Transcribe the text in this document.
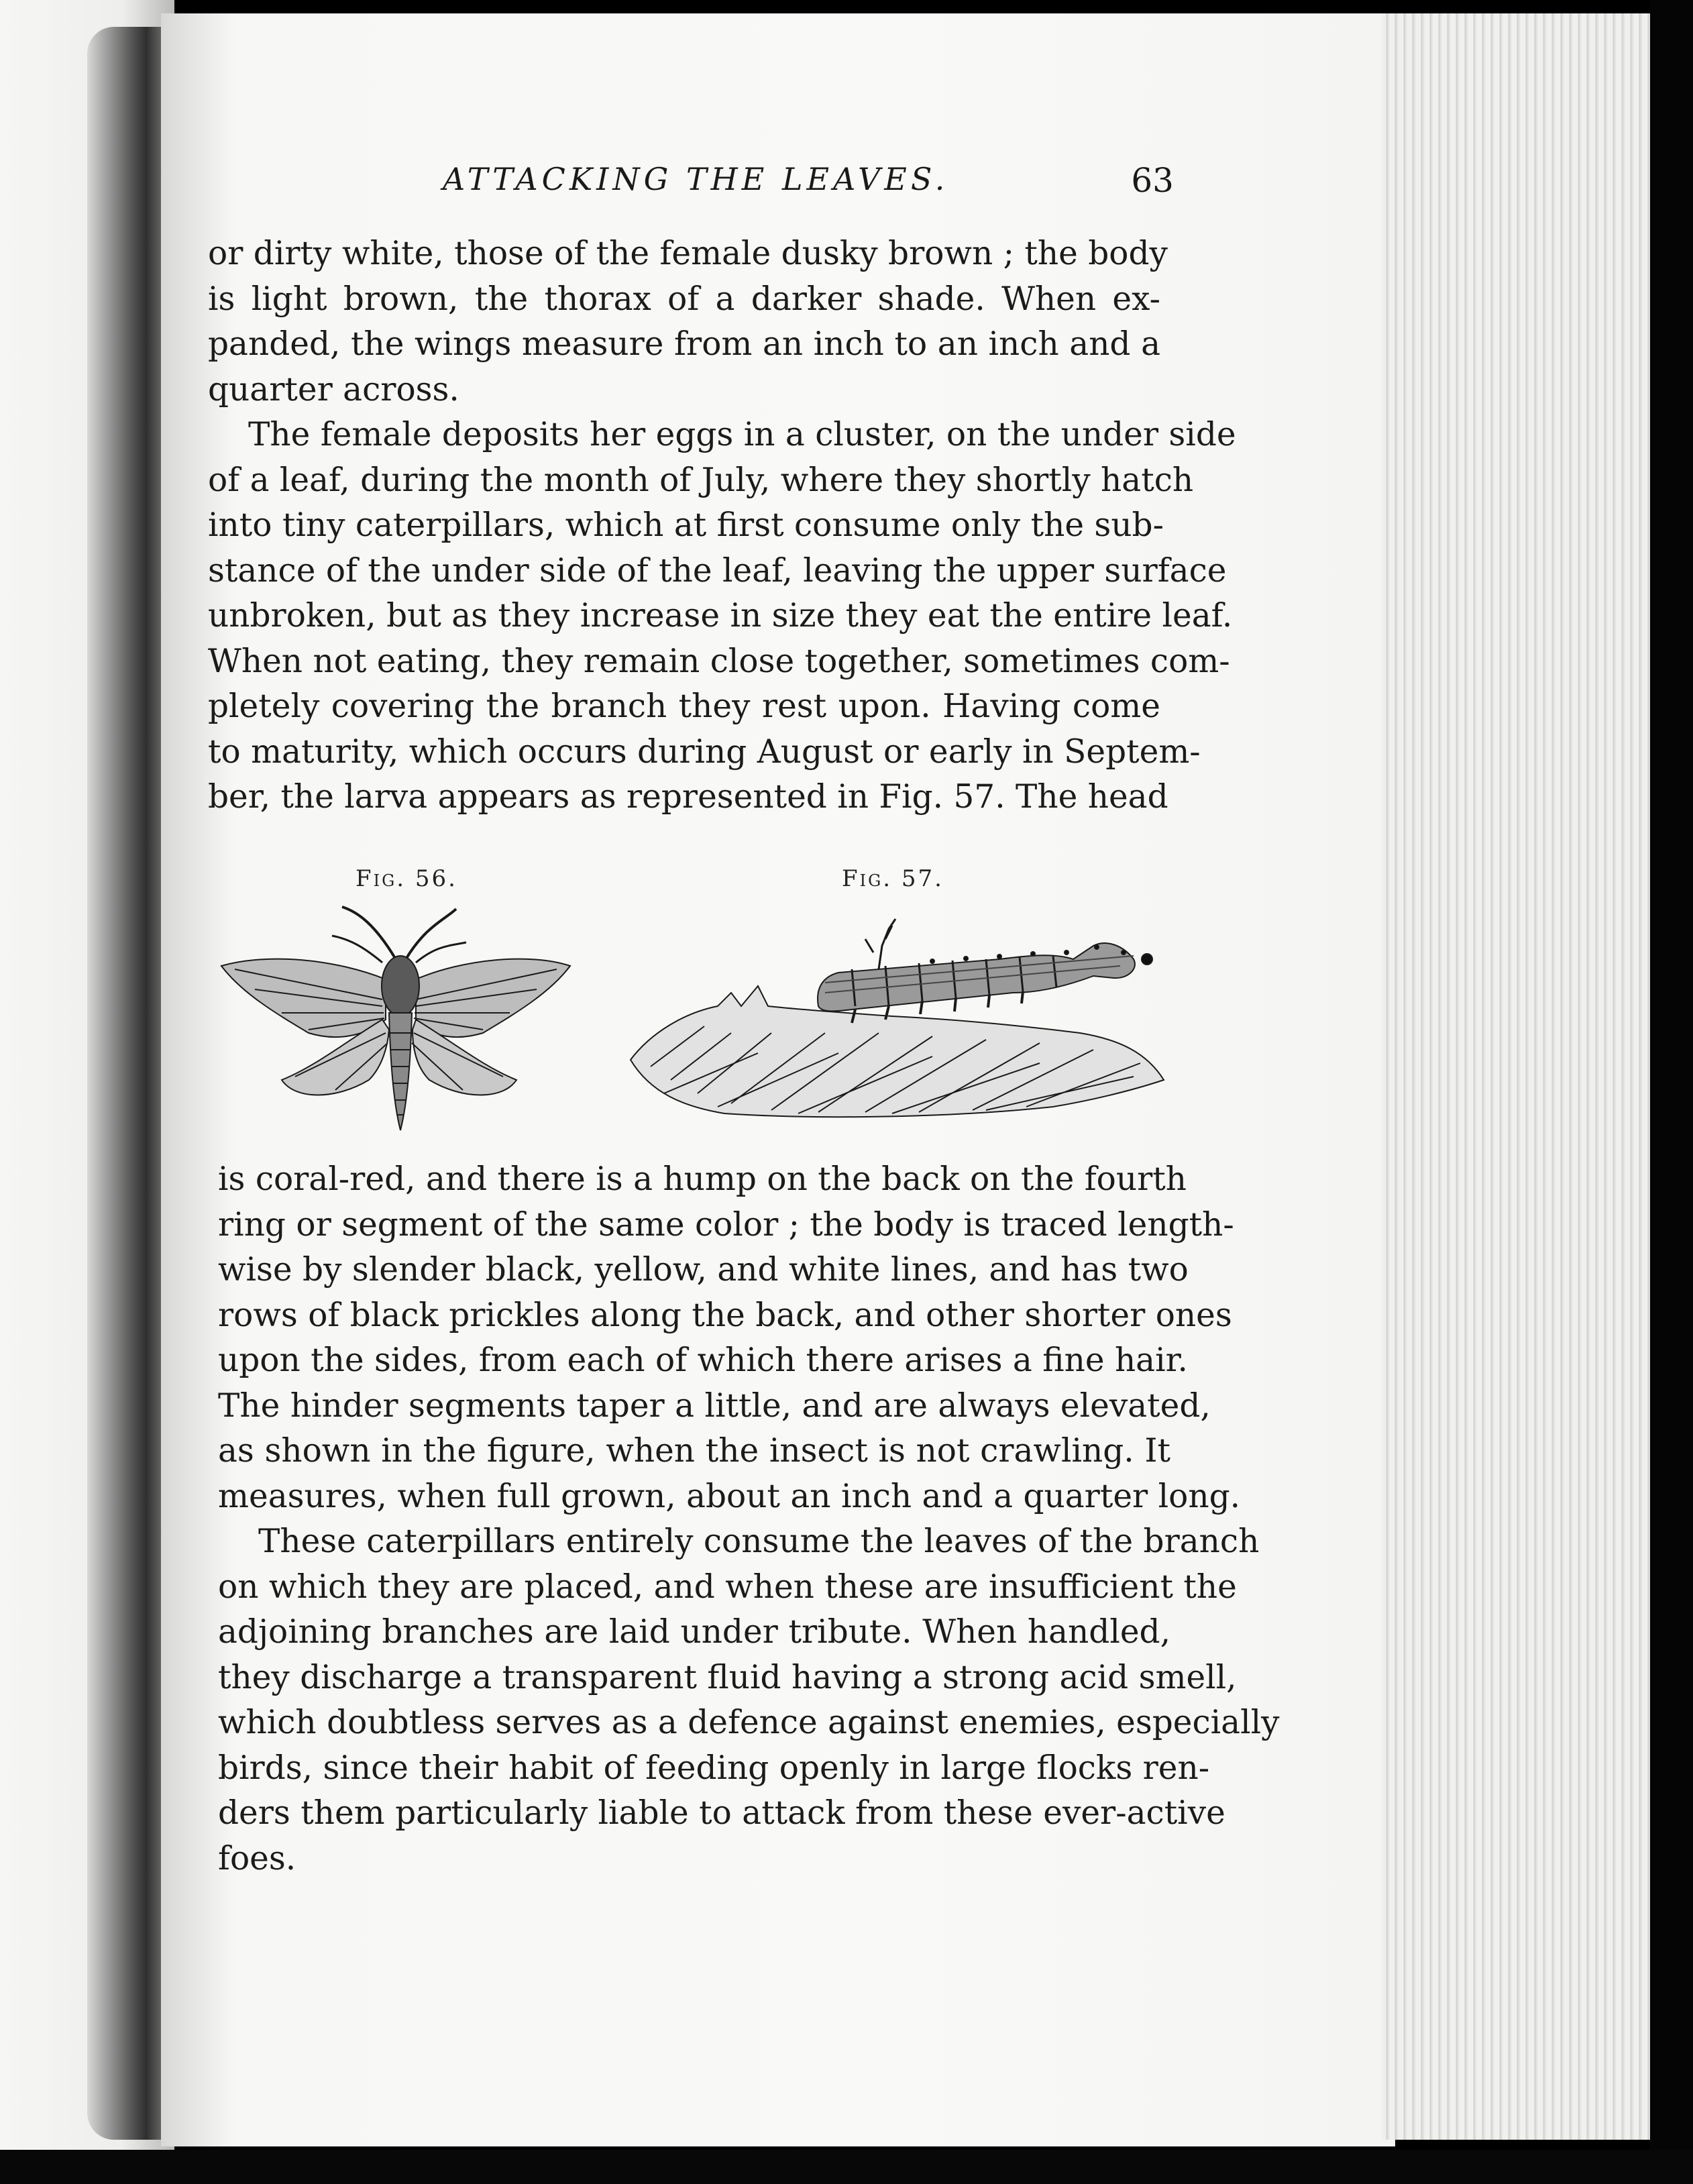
ATTACKING THE LEAVES.	63
or dirty white, those of the female dusky brown ; the body
is light brown, the thorax of a darker shade. When ex-
panded, the wings measure from an inch to an inch and a
quarter across.
The female deposits her eggs in a cluster, on the under side
of a leaf, during the month of July, where they shortly hatch
into tiny caterpillars, which at first consume only the sub-
stance of the under side of the leaf, leaving the upper surface
unbroken, but as they increase in size they eat the entire leaf.
When not eating, they remain close together, sometimes com-
pletely covering the branch they rest upon. Having come
to maturity, which occurs during August or early in Septem-
ber, the larva appears as represented in Fig. 57. The head
Fig. 56.	Fig. 57.
is coral-red, and there is a hump on the back on the fourth
ring or segment of the same color ; the body is traced length-
wise by slender black, yellow, and white lines, and has two
rows of black prickles along the back, and other shorter ones
upon the sides, from each of which there arises a fine hair.
The hinder segments taper a little, and are always elevated,
as shown in the figure, when the insect is not crawling. It
measures, when full grown, about an inch and a quarter long.
These caterpillars entirely consume the leaves of the branch
on which they are placed, and when these are insufficient the
adjoining branches are laid under tribute. When handled,
they discharge a transparent fluid having a strong acid smell,
which doubtless serves as a defence against enemies, especially
birds, since their habit of feeding openly in large flocks ren-
ders them particularly liable to attack from these ever-active
foes.
